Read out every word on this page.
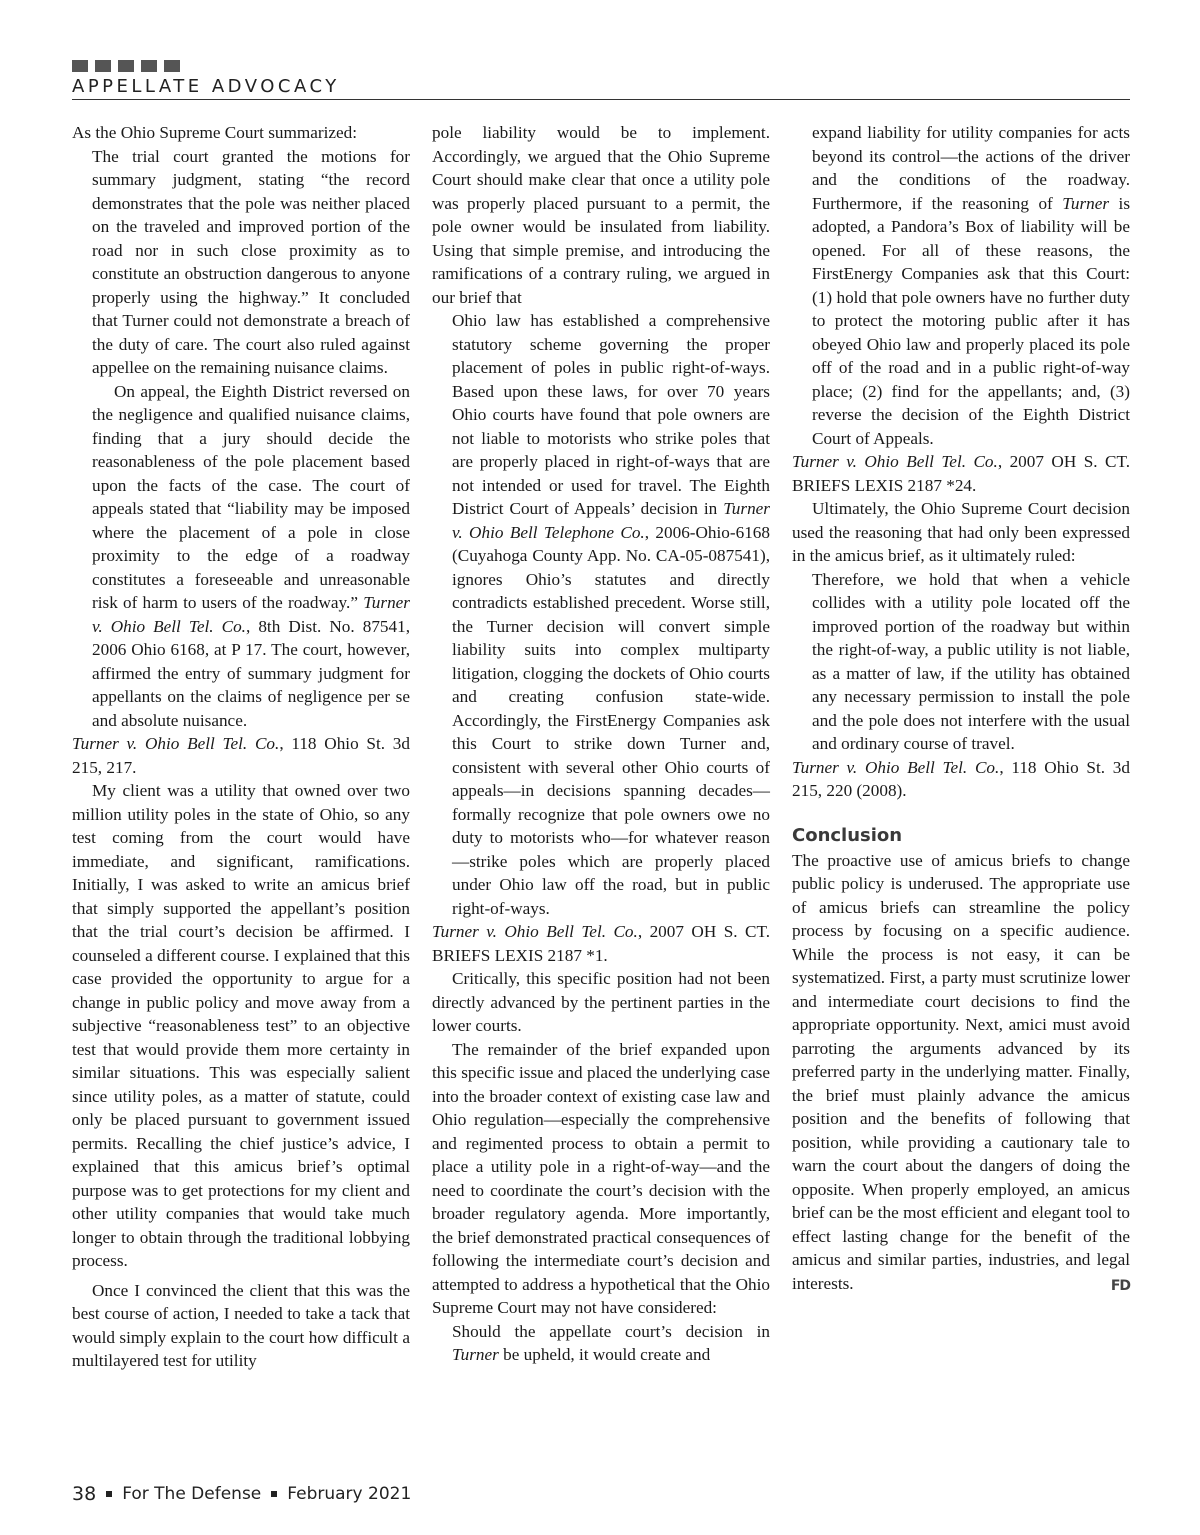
APPELLATE ADVOCACY

As the Ohio Supreme Court summarized:

The trial court granted the motions for summary judgment, stating “the record demonstrates that the pole was neither placed on the traveled and improved portion of the road nor in such close proximity as to constitute an obstruction dangerous to anyone properly using the highway.” It concluded that Turner could not demonstrate a breach of the duty of care. The court also ruled against appellee on the remaining nuisance claims.

On appeal, the Eighth District reversed on the negligence and qualified nuisance claims, finding that a jury should decide the reasonableness of the pole placement based upon the facts of the case. The court of appeals stated that “liability may be imposed where the placement of a pole in close proximity to the edge of a roadway constitutes a foreseeable and unreasonable risk of harm to users of the roadway.” Turner v. Ohio Bell Tel. Co., 8th Dist. No. 87541, 2006 Ohio 6168, at P 17. The court, however, affirmed the entry of summary judgment for appellants on the claims of negligence per se and absolute nuisance.

Turner v. Ohio Bell Tel. Co., 118 Ohio St. 3d 215, 217.

My client was a utility that owned over two million utility poles in the state of Ohio, so any test coming from the court would have immediate, and significant, ramifications. Initially, I was asked to write an amicus brief that simply supported the appellant’s position that the trial court’s decision be affirmed. I counseled a different course. I explained that this case provided the opportunity to argue for a change in public policy and move away from a subjective “reasonableness test” to an objective test that would provide them more certainty in similar situations. This was especially salient since utility poles, as a matter of statute, could only be placed pursuant to government issued permits. Recalling the chief justice’s advice, I explained that this amicus brief’s optimal purpose was to get protections for my client and other utility companies that would take much longer to obtain through the traditional lobbying process.

Once I convinced the client that this was the best course of action, I needed to take a tack that would simply explain to the court how difficult a multilayered test for utility

pole liability would be to implement. Accordingly, we argued that the Ohio Supreme Court should make clear that once a utility pole was properly placed pursuant to a permit, the pole owner would be insulated from liability. Using that simple premise, and introducing the ramifications of a contrary ruling, we argued in our brief that

Ohio law has established a comprehensive statutory scheme governing the proper placement of poles in public right-of-ways. Based upon these laws, for over 70 years Ohio courts have found that pole owners are not liable to motorists who strike poles that are properly placed in right-of-ways that are not intended or used for travel. The Eighth District Court of Appeals’ decision in Turner v. Ohio Bell Telephone Co., 2006-Ohio-6168 (Cuyahoga County App. No. CA-05-087541), ignores Ohio’s statutes and directly contradicts established precedent. Worse still, the Turner decision will convert simple liability suits into complex multiparty litigation, clogging the dockets of Ohio courts and creating confusion state-wide. Accordingly, the FirstEnergy Companies ask this Court to strike down Turner and, consistent with several other Ohio courts of appeals—in decisions spanning decades—formally recognize that pole owners owe no duty to motorists who—for whatever reason—strike poles which are properly placed under Ohio law off the road, but in public right-of-ways.

Turner v. Ohio Bell Tel. Co., 2007 OH S. CT. BRIEFS LEXIS 2187 *1.

Critically, this specific position had not been directly advanced by the pertinent parties in the lower courts.

The remainder of the brief expanded upon this specific issue and placed the underlying case into the broader context of existing case law and Ohio regulation—especially the comprehensive and regimented process to obtain a permit to place a utility pole in a right-of-way—and the need to coordinate the court’s decision with the broader regulatory agenda. More importantly, the brief demonstrated practical consequences of following the intermediate court’s decision and attempted to address a hypothetical that the Ohio Supreme Court may not have considered:

Should the appellate court’s decision in Turner be upheld, it would create and

expand liability for utility companies for acts beyond its control—the actions of the driver and the conditions of the roadway. Furthermore, if the reasoning of Turner is adopted, a Pandora’s Box of liability will be opened. For all of these reasons, the FirstEnergy Companies ask that this Court: (1) hold that pole owners have no further duty to protect the motoring public after it has obeyed Ohio law and properly placed its pole off of the road and in a public right-of-way place; (2) find for the appellants; and, (3) reverse the decision of the Eighth District Court of Appeals.

Turner v. Ohio Bell Tel. Co., 2007 OH S. CT. BRIEFS LEXIS 2187 *24.

Ultimately, the Ohio Supreme Court decision used the reasoning that had only been expressed in the amicus brief, as it ultimately ruled:

Therefore, we hold that when a vehicle collides with a utility pole located off the improved portion of the roadway but within the right-of-way, a public utility is not liable, as a matter of law, if the utility has obtained any necessary permission to install the pole and the pole does not interfere with the usual and ordinary course of travel.

Turner v. Ohio Bell Tel. Co., 118 Ohio St. 3d 215, 220 (2008).

Conclusion

The proactive use of amicus briefs to change public policy is underused. The appropriate use of amicus briefs can streamline the policy process by focusing on a specific audience. While the process is not easy, it can be systematized. First, a party must scrutinize lower and intermediate court decisions to find the appropriate opportunity. Next, amici must avoid parroting the arguments advanced by its preferred party in the underlying matter. Finally, the brief must plainly advance the amicus position and the benefits of following that position, while providing a cautionary tale to warn the court about the dangers of doing the opposite. When properly employed, an amicus brief can be the most efficient and elegant tool to effect lasting change for the benefit of the amicus and similar parties, industries, and legal interests.	FD

38 For The Defense February 2021
